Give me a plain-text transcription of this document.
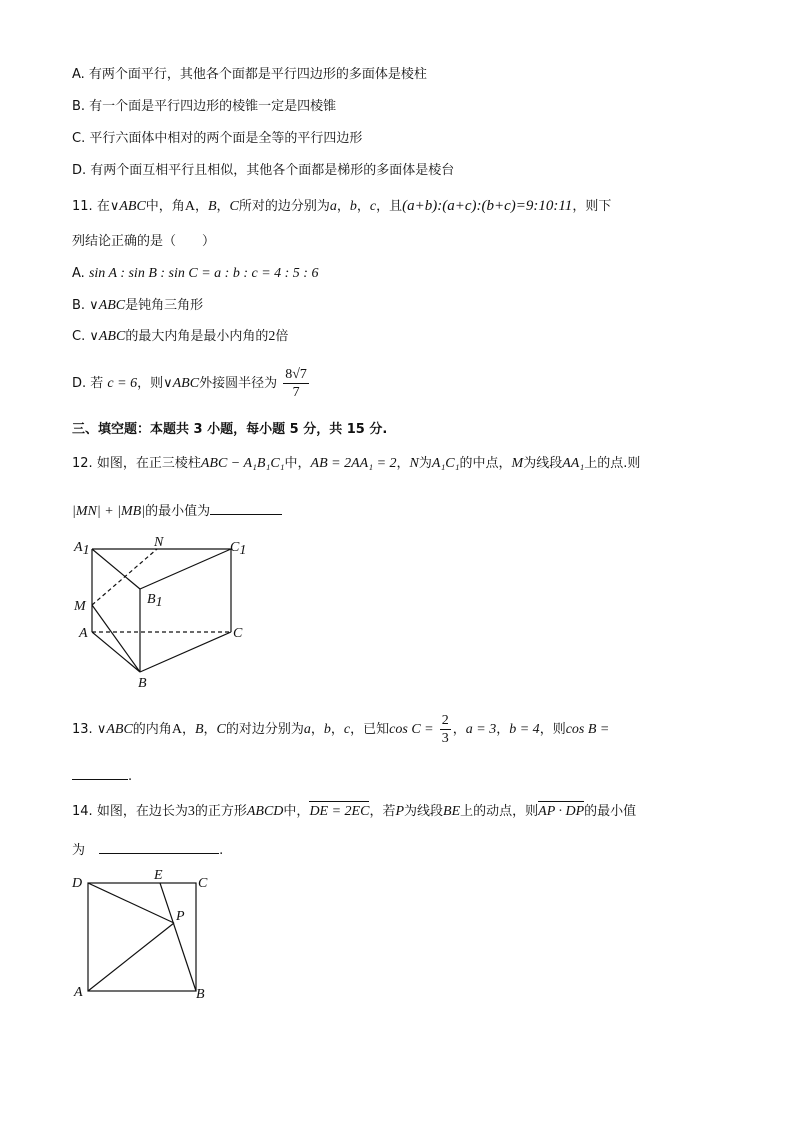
A. 有两个面平行，其他各个面都是平行四边形的多面体是棱柱
B. 有一个面是平行四边形的棱锥一定是四棱锥
C. 平行六面体中相对的两个面是全等的平行四边形
D. 有两个面互相平行且相似，其他各个面都是梯形的多面体是棱台
11. 在∨ABC中，角A，B，C所对的边分别为a，b，c，且(a+b):(a+c):(b+c)=9:10:11，则下
列结论正确的是（　　）
A. sin A : sin B : sin C = a : b : c = 4 : 5 : 6
B. ∨ABC是钝角三角形
C. ∨ABC的最大内角是最小内角的2倍
D. 若 c = 6，则∨ABC外接圆半径为 $\frac{8√7}{7}$
三、填空题：本题共 3 小题，每小题 5 分，共 15 分.
12. 如图，在正三棱柱ABC − A₁B₁C₁中，AB = 2AA₁ = 2，N为A₁C₁的中点，M为线段AA₁上的点.则
|MN| + |MB|的最小值为
A1
N	C1
B1
M
A	C
B
13. ∨ABC的内角A，B，C的对边分别为a，b，c，已知$\cos C = \frac{2}{3}$ ，a = 3，b = 4，则cos B =
.
14. 如图，在边长为3的正方形ABCD中，DE = 2EC，若P为线段BE上的动点，则AP · DP的最小值
为	.
D
E
C
P
A	B
